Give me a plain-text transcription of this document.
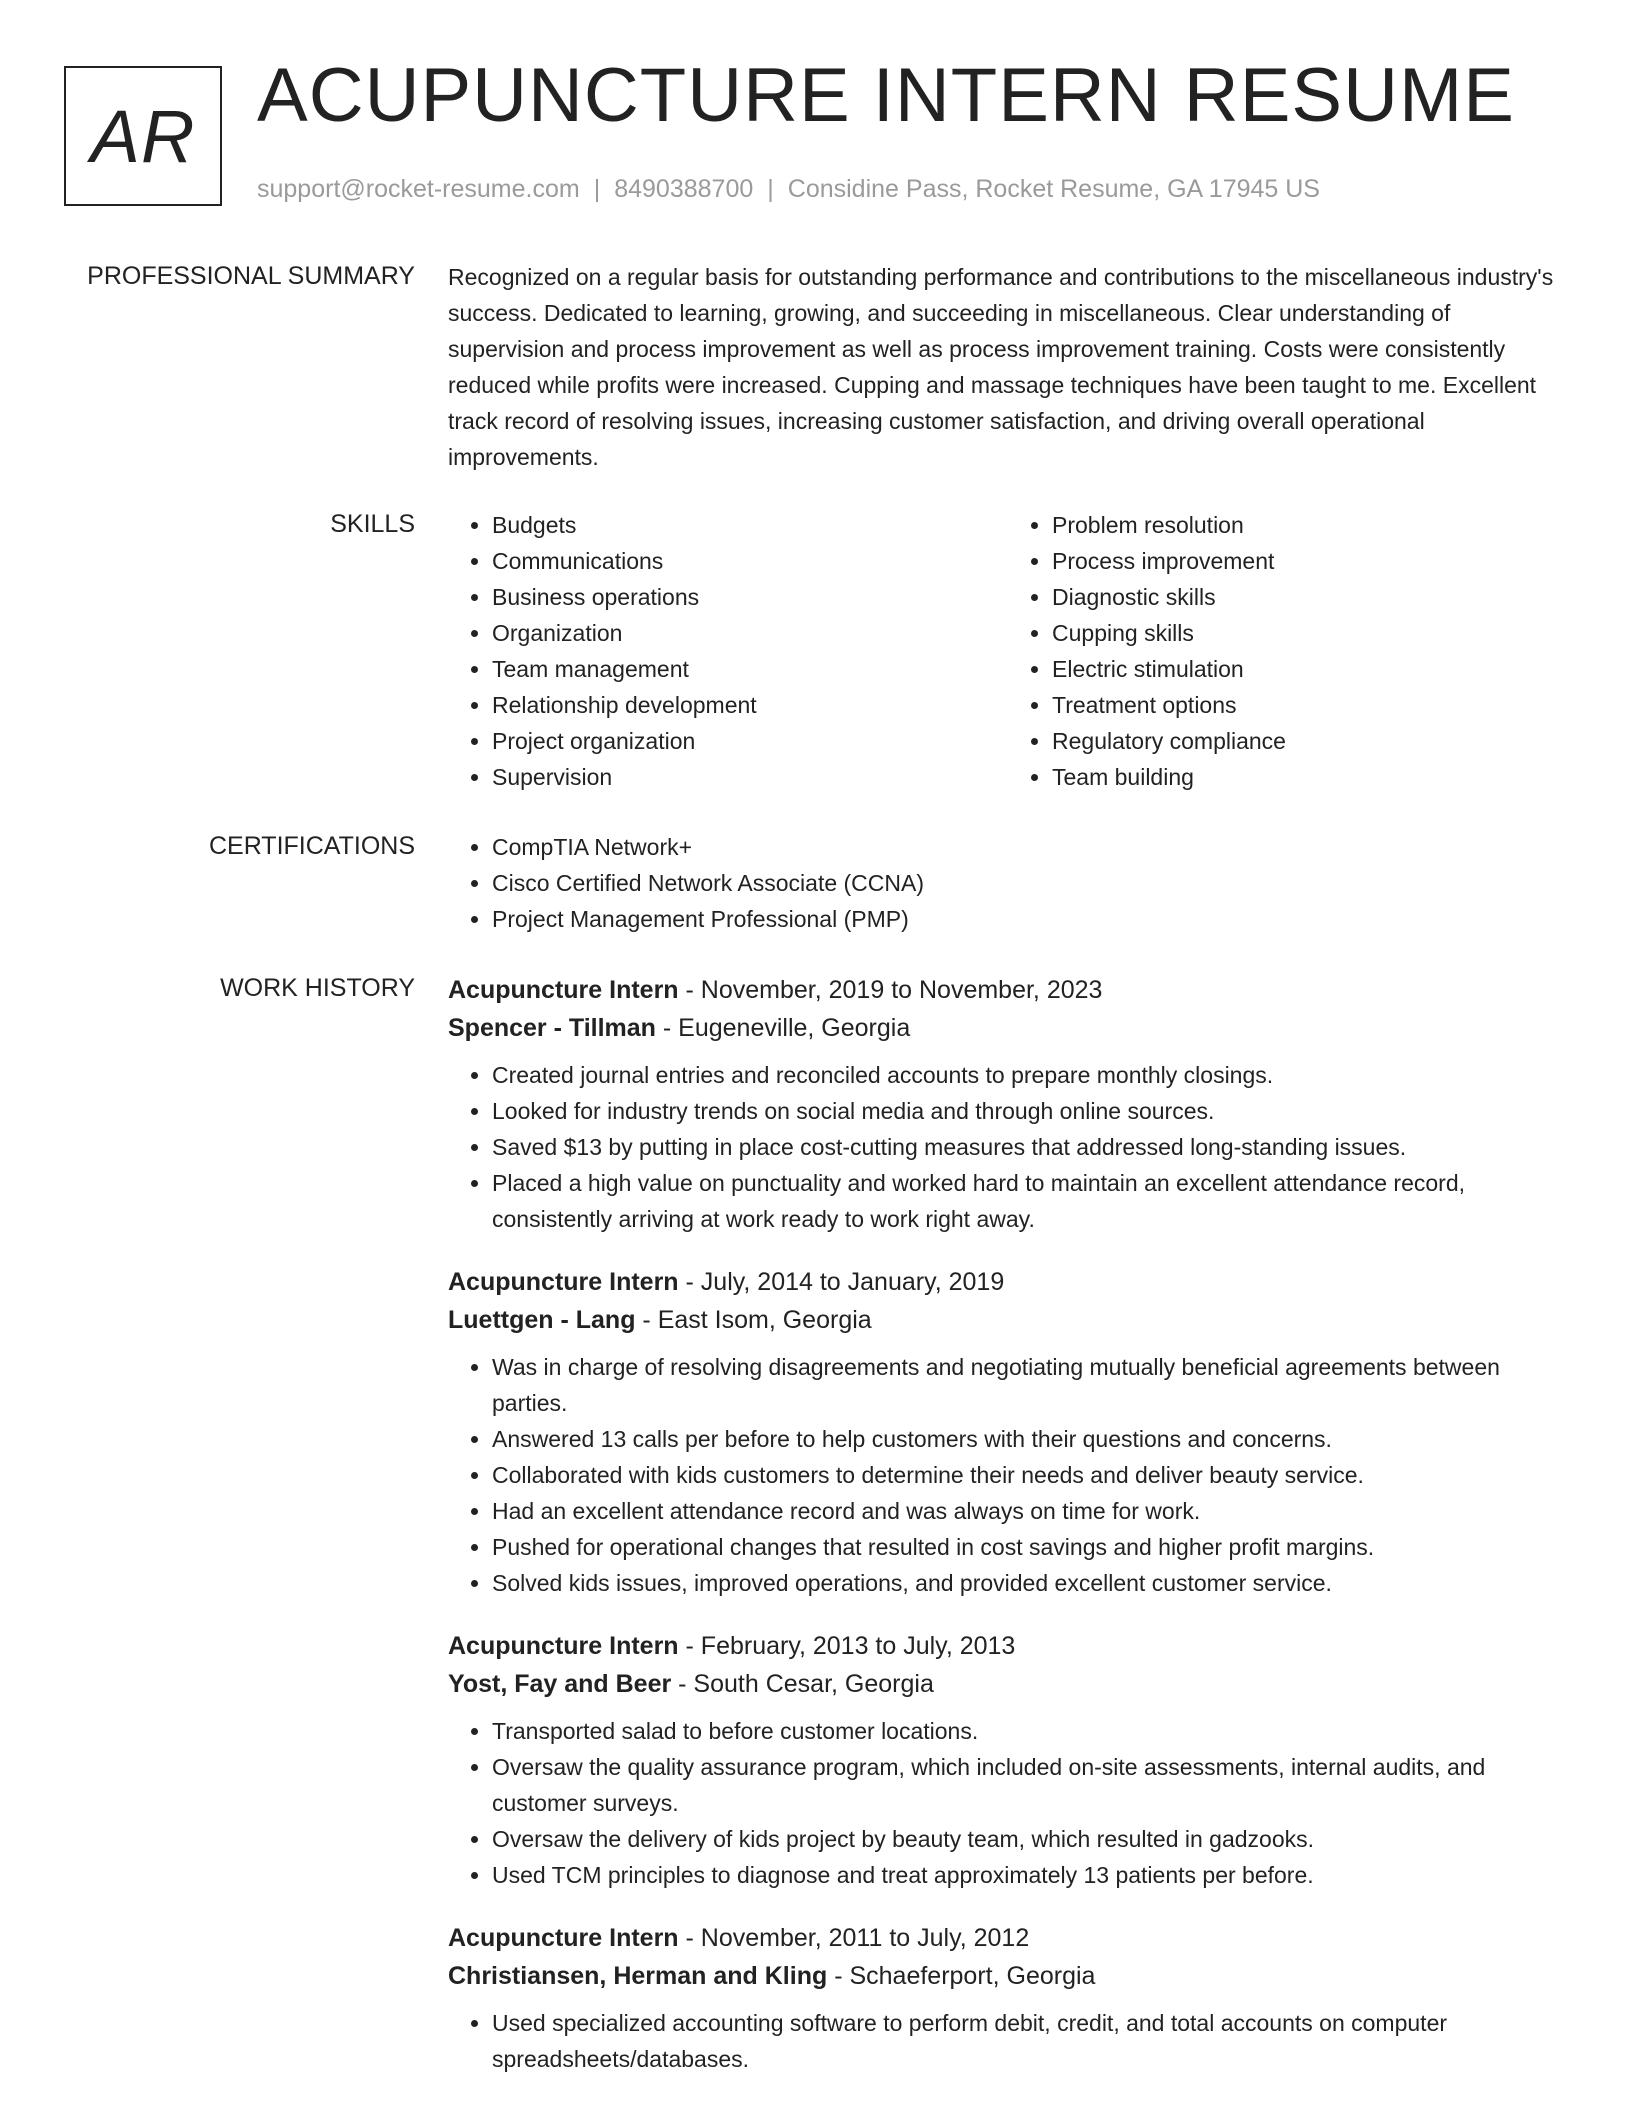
AR ACUPUNCTURE INTERN RESUME
support@rocket-resume.com | 8490388700 | Considine Pass, Rocket Resume, GA 17945 US
PROFESSIONAL SUMMARY Recognized on a regular basis for outstanding performance and contributions to the miscellaneous industry's success. Dedicated to learning, growing, and succeeding in miscellaneous. Clear understanding of supervision and process improvement as well as process improvement training. Costs were consistently reduced while profits were increased. Cupping and massage techniques have been taught to me. Excellent track record of resolving issues, increasing customer satisfaction, and driving overall operational improvements.

SKILLS	• Budgets
• Communications
• Business operations
• Organization
• Team management
• Relationship development
• Project organization
• Supervision
• Problem resolution
• Process improvement
• Diagnostic skills
• Cupping skills
• Electric stimulation
• Treatment options
• Regulatory compliance
• Team building
CERTIFICATIONS	• CompTIA Network+
• Cisco Certified Network Associate (CCNA)
• Project Management Professional (PMP)
WORK HISTORY Acupuncture Intern - November, 2019 to November, 2023
Spencer - Tillman - Eugeneville, Georgia
• Created journal entries and reconciled accounts to prepare monthly closings.
• Looked for industry trends on social media and through online sources.
• Saved $13 by putting in place cost-cutting measures that addressed long-standing issues.
• Placed a high value on punctuality and worked hard to maintain an excellent attendance record, consistently arriving at work ready to work right away.
Acupuncture Intern - July, 2014 to January, 2019
Luettgen - Lang - East Isom, Georgia
• Was in charge of resolving disagreements and negotiating mutually beneficial agreements between parties.
• Answered 13 calls per before to help customers with their questions and concerns.
• Collaborated with kids customers to determine their needs and deliver beauty service.
• Had an excellent attendance record and was always on time for work.
• Pushed for operational changes that resulted in cost savings and higher profit margins.
• Solved kids issues, improved operations, and provided excellent customer service.
Acupuncture Intern - February, 2013 to July, 2013
Yost, Fay and Beer - South Cesar, Georgia
• Transported salad to before customer locations.
• Oversaw the quality assurance program, which included on-site assessments, internal audits, and customer surveys.
• Oversaw the delivery of kids project by beauty team, which resulted in gadzooks.
• Used TCM principles to diagnose and treat approximately 13 patients per before.
Acupuncture Intern - November, 2011 to July, 2012
Christiansen, Herman and Kling - Schaeferport, Georgia
• Used specialized accounting software to perform debit, credit, and total accounts on computer spreadsheets/databases.
